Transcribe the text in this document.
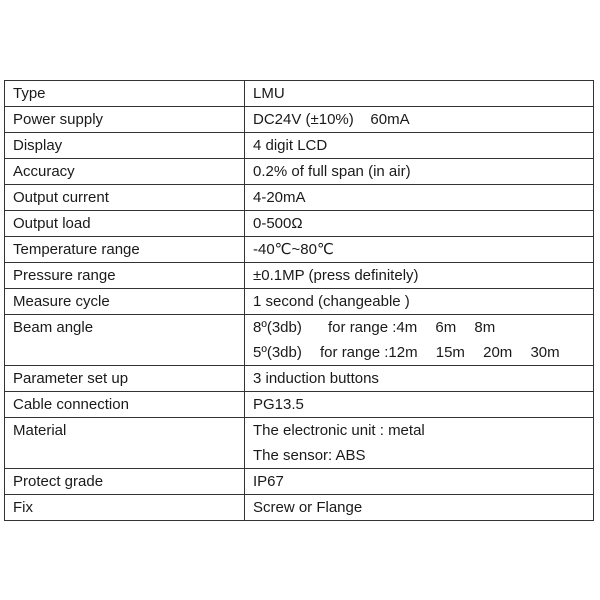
Type	LMU

Power supply	DC24V (±10%)    60mA

Display	4 digit LCD

Accuracy	0.2% of full span (in air)

Output current	4-20mA

Output load	0-500Ω

Temperature range	-40℃~80℃

Pressure range	±0.1MP (press definitely)

Measure cycle	1 second (changeable )

Beam angle	8º(3db) for range :4m 6m 8m
5º(3db) for range :12m 15m 20m 30m

Parameter set up	3 induction buttons

Cable connection	PG13.5

Material	The electronic unit : metal
The sensor: ABS

Protect grade	IP67

Fix	Screw or Flange
